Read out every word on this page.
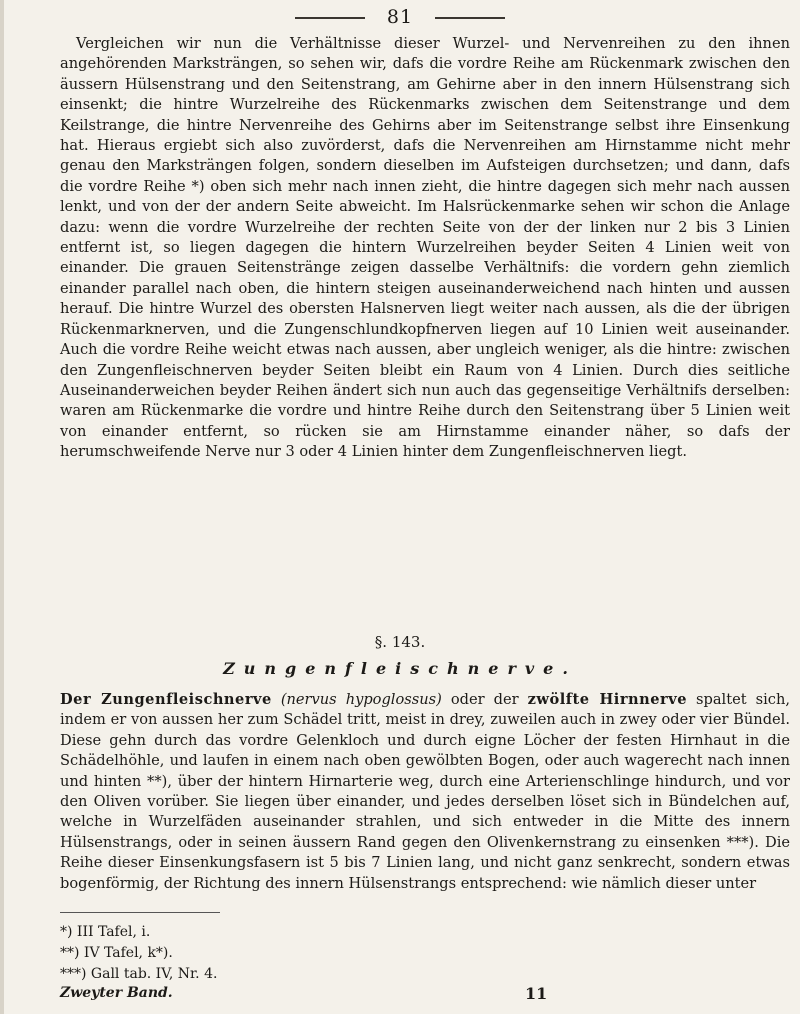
81

Vergleichen wir nun die Verhältnisse dieser Wurzel- und Nervenreihen zu den ihnen angehörenden Marksträngen, so sehen wir, dafs die vordre Reihe am Rückenmark zwischen den äussern Hülsenstrang und den Seitenstrang, am Gehirne aber in den innern Hülsenstrang sich einsenkt; die hintre Wurzelreihe des Rückenmarks zwischen dem Seitenstrange und dem Keilstrange, die hintre Nervenreihe des Gehirns aber im Seitenstrange selbst ihre Einsenkung hat. Hieraus ergiebt sich also zuvörderst, dafs die Nervenreihen am Hirnstamme nicht mehr genau den Marksträngen folgen, sondern dieselben im Aufsteigen durchsetzen; und dann, dafs die vordre Reihe *) oben sich mehr nach innen zieht, die hintre dagegen sich mehr nach aussen lenkt, und von der der andern Seite abweicht. Im Halsrückenmarke sehen wir schon die Anlage dazu: wenn die vordre Wurzelreihe der rechten Seite von der der linken nur 2 bis 3 Linien entfernt ist, so liegen dagegen die hintern Wurzelreihen beyder Seiten 4 Linien weit von einander. Die grauen Seitenstränge zeigen dasselbe Verhältnifs: die vordern gehn ziemlich einander parallel nach oben, die hintern steigen auseinanderweichend nach hinten und aussen herauf. Die hintre Wurzel des obersten Halsnerven liegt weiter nach aussen, als die der übrigen Rückenmarknerven, und die Zungenschlundkopfnerven liegen auf 10 Linien weit auseinander. Auch die vordre Reihe weicht etwas nach aussen, aber ungleich weniger, als die hintre: zwischen den Zungenfleischnerven beyder Seiten bleibt ein Raum von 4 Linien. Durch dies seitliche Auseinanderweichen beyder Reihen ändert sich nun auch das gegenseitige Verhältnifs derselben: waren am Rückenmarke die vordre und hintre Reihe durch den Seitenstrang über 5 Linien weit von einander entfernt, so rücken sie am Hirnstamme einander näher, so dafs der herumschweifende Nerve nur 3 oder 4 Linien hinter dem Zungenfleischnerven liegt.

§. 143.
Zungenfleischnerve.
Der Zungenfleischnerve (nervus hypoglossus) oder der zwölfte Hirnnerve spaltet sich, indem er von aussen her zum Schädel tritt, meist in drey, zuweilen auch in zwey oder vier Bündel. Diese gehn durch das vordre Gelenkloch und durch eigne Löcher der festen Hirnhaut in die Schädelhöhle, und laufen in einem nach oben gewölbten Bogen, oder auch wagerecht nach innen und hinten **), über der hintern Hirnarterie weg, durch eine Arterienschlinge hindurch, und vor den Oliven vorüber. Sie liegen über einander, und jedes derselben löset sich in Bündelchen auf, welche in Wurzelfäden auseinander strahlen, und sich entweder in die Mitte des innern Hülsenstrangs, oder in seinen äussern Rand gegen den Olivenkernstrang zu einsenken ***). Die Reihe dieser Einsenkungsfasern ist 5 bis 7 Linien lang, und nicht ganz senkrecht, sondern etwas bogenförmig, der Richtung des innern Hülsenstrangs entsprechend: wie nämlich dieser unter
*) III Tafel, i.
**) IV Tafel, k*).
***) Gall tab. IV, Nr. 4.
Zweyter Band.	11
